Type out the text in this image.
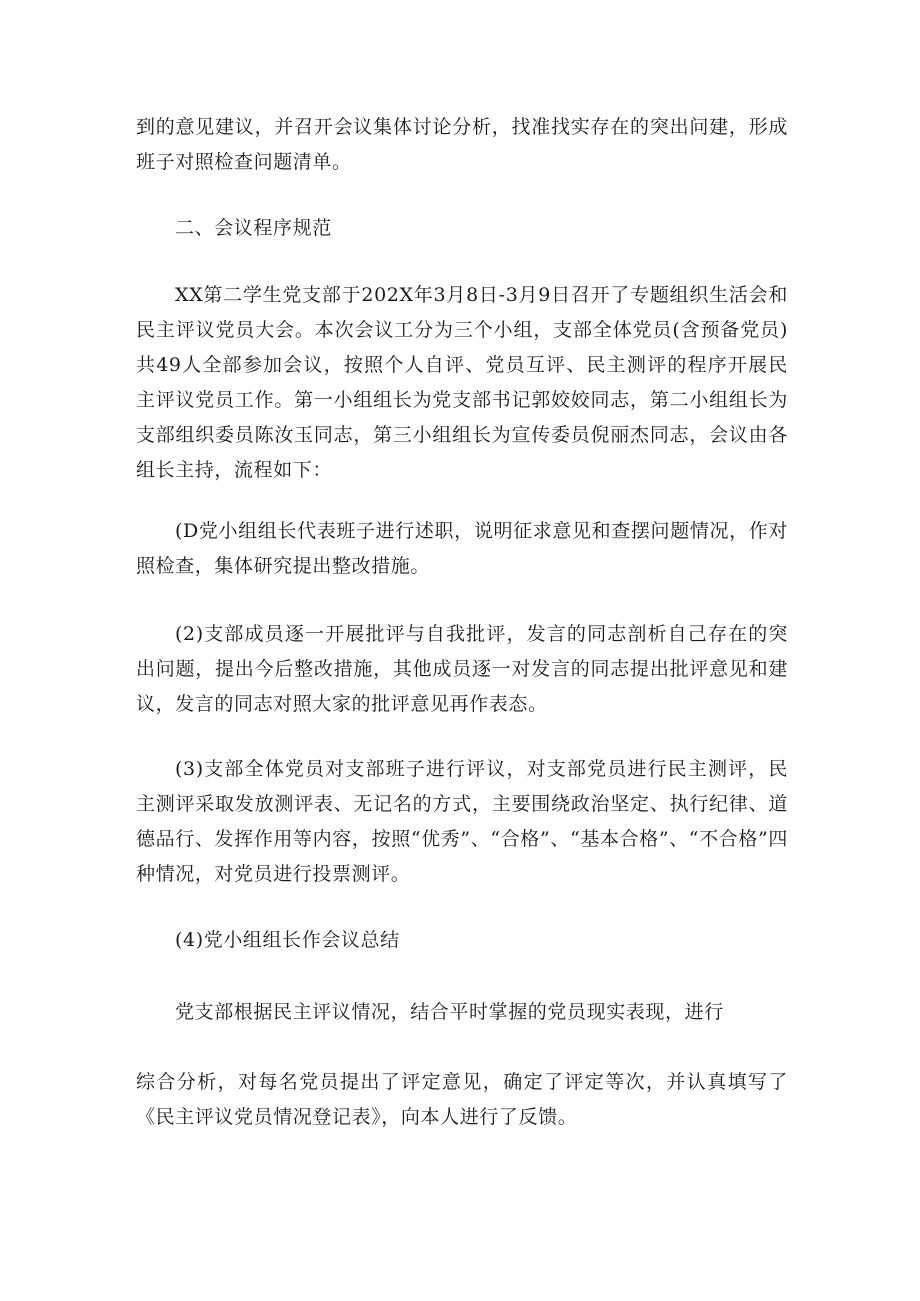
到的意见建议，并召开会议集体讨论分析，找准找实存在的突出问建，形成班子对照检查问题清单。

二、会议程序规范

XX第二学生党支部于202X年3月8日-3月9日召开了专题组织生活会和民主评议党员大会。本次会议工分为三个小组，支部全体党员(含预备党员)共49人全部参加会议，按照个人自评、党员互评、民主测评的程序开展民主评议党员工作。第一小组组长为党支部书记郭姣姣同志，第二小组组长为支部组织委员陈汝玉同志，第三小组组长为宣传委员倪丽杰同志，会议由各组长主持，流程如下：

(D党小组组长代表班子进行述职，说明征求意见和查摆问题情况，作对照检查，集体研究提出整改措施。

(2)支部成员逐一开展批评与自我批评，发言的同志剖析自己存在的突出问题，提出今后整改措施，其他成员逐一对发言的同志提出批评意见和建议，发言的同志对照大家的批评意见再作表态。

(3)支部全体党员对支部班子进行评议，对支部党员进行民主测评，民主测评采取发放测评表、无记名的方式，主要围绕政治坚定、执行纪律、道德品行、发挥作用等内容，按照“优秀”、“合格”、“基本合格”、“不合格”四种情况，对党员进行投票测评。

(4)党小组组长作会议总结

党支部根据民主评议情况，结合平时掌握的党员现实表现，进行

综合分析，对每名党员提出了评定意见，确定了评定等次，并认真填写了《民主评议党员情况登记表》，向本人进行了反馈。
